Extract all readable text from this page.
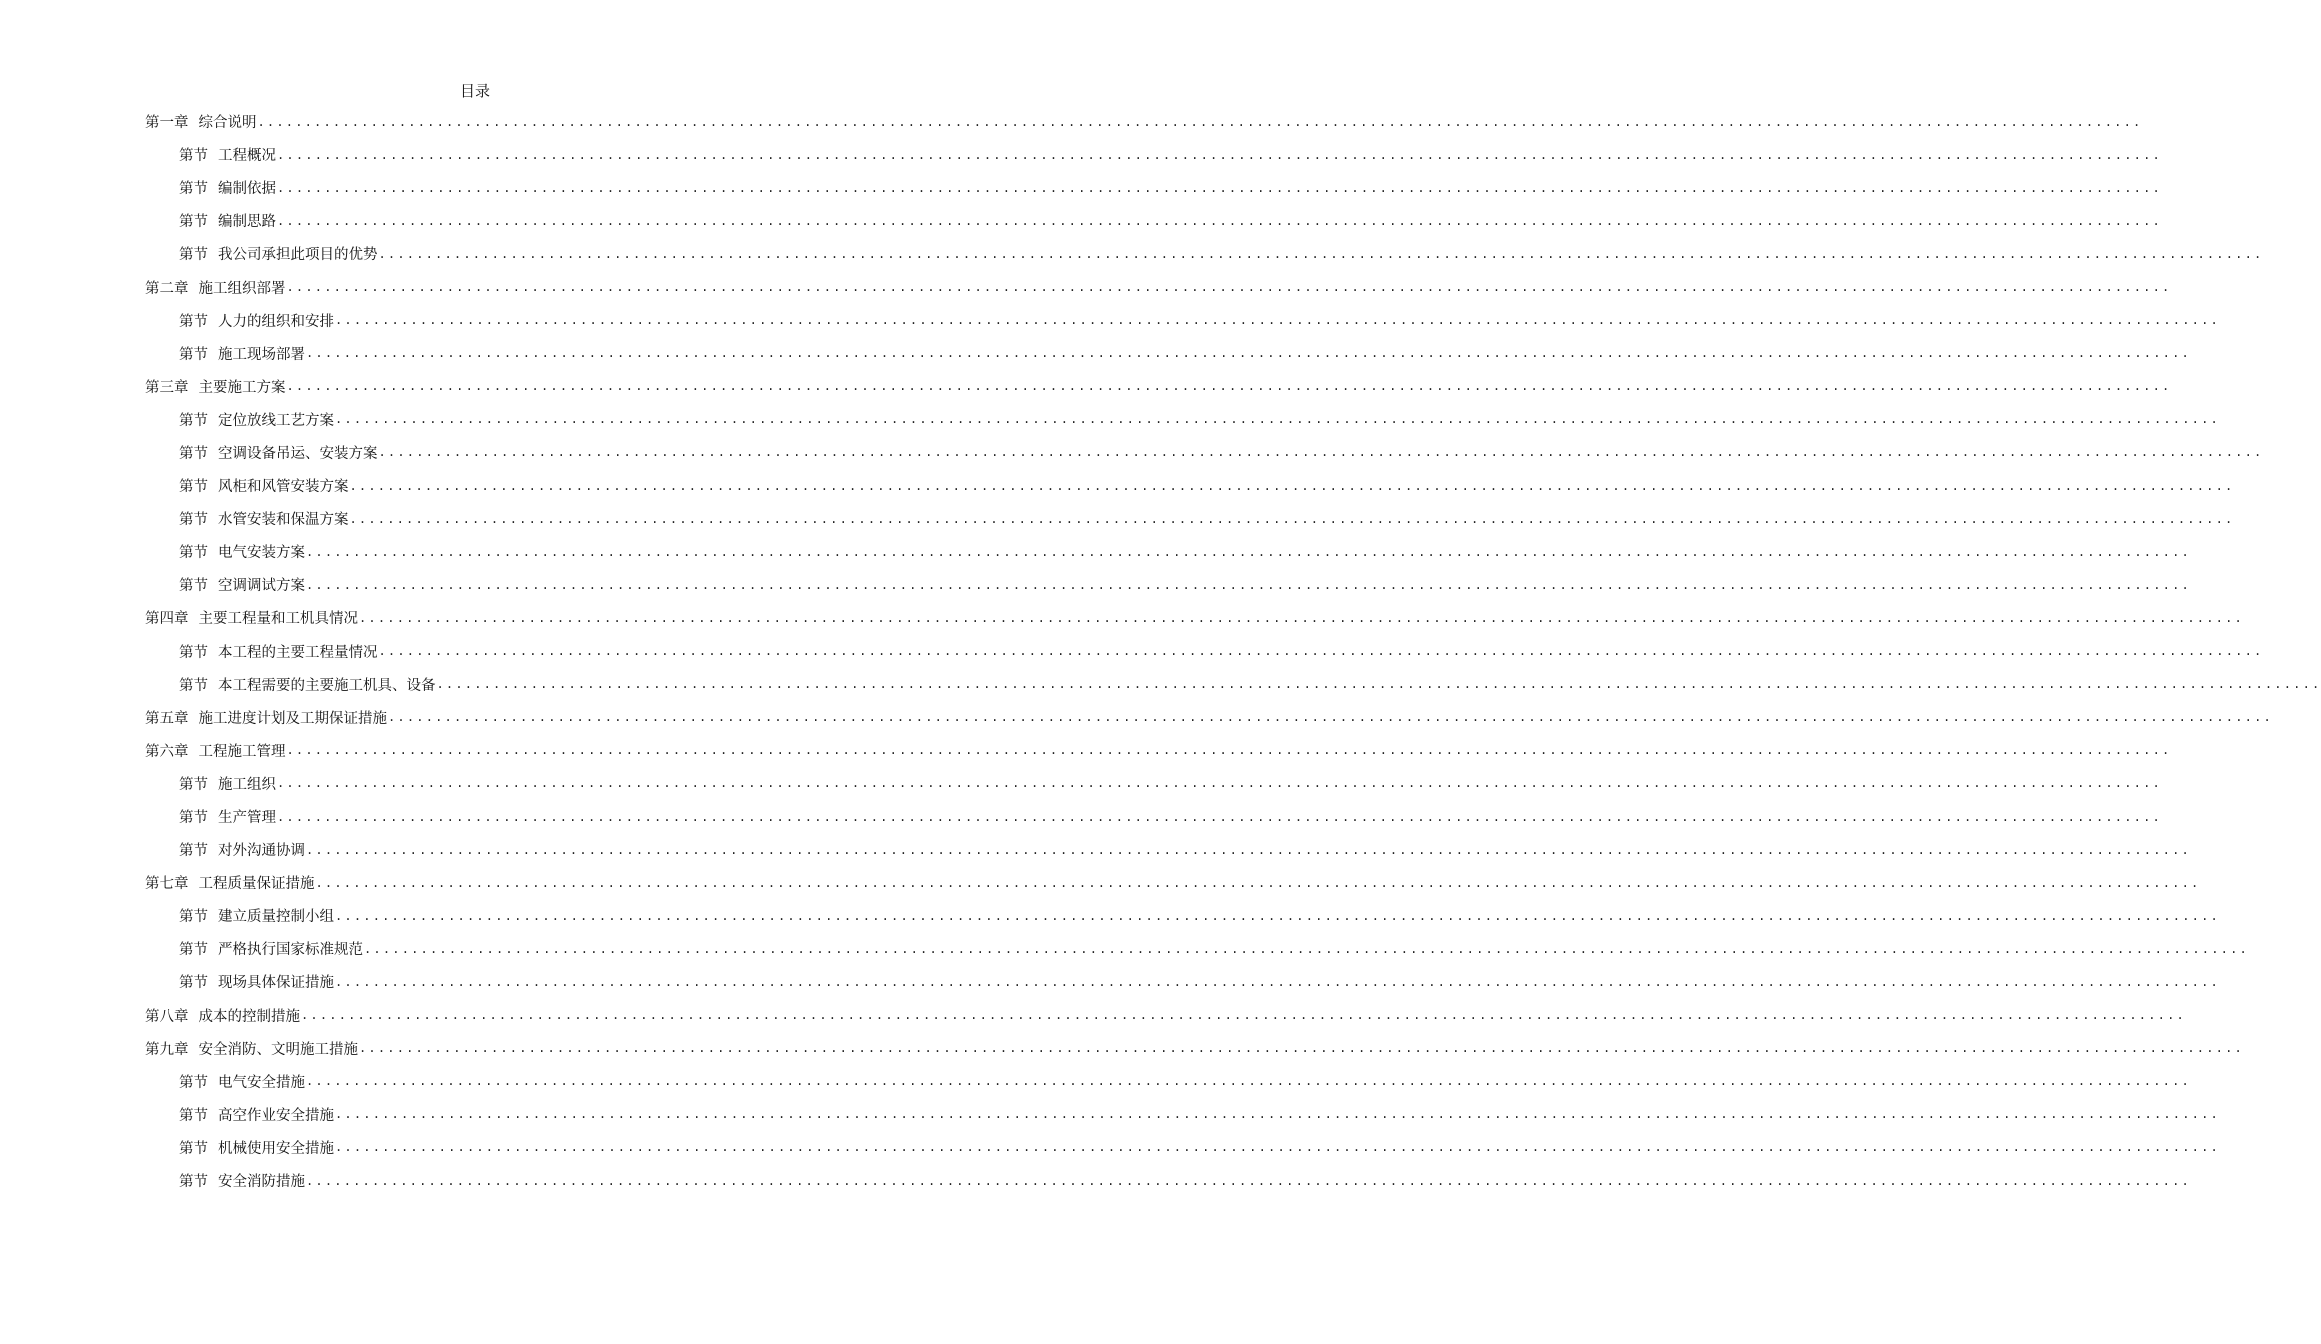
目录
第一章 综合说明 ........................................................................................................................................................................................................
第节 工程概况 ........................................................................................................................................................................................................
第节 编制依据 ........................................................................................................................................................................................................
第节 编制思路 ........................................................................................................................................................................................................
第节 我公司承担此项目的优势 ........................................................................................................................................................................................................
第二章 施工组织部署 ........................................................................................................................................................................................................
第节 人力的组织和安排 ........................................................................................................................................................................................................
第节 施工现场部署 ........................................................................................................................................................................................................
第三章 主要施工方案 ........................................................................................................................................................................................................
第节 定位放线工艺方案 ........................................................................................................................................................................................................
第节 空调设备吊运、安装方案 ........................................................................................................................................................................................................
第节 风柜和风管安装方案 ........................................................................................................................................................................................................
第节 水管安装和保温方案 ........................................................................................................................................................................................................
第节 电气安装方案 ........................................................................................................................................................................................................
第节 空调调试方案 ........................................................................................................................................................................................................
第四章 主要工程量和工机具情况 ........................................................................................................................................................................................................
第节 本工程的主要工程量情况 ........................................................................................................................................................................................................
第节 本工程需要的主要施工机具、设备 ........................................................................................................................................................................................................
第五章 施工进度计划及工期保证措施 ........................................................................................................................................................................................................
第六章 工程施工管理 ........................................................................................................................................................................................................
第节 施工组织 ........................................................................................................................................................................................................
第节 生产管理 ........................................................................................................................................................................................................
第节 对外沟通协调 ........................................................................................................................................................................................................
第七章 工程质量保证措施 ........................................................................................................................................................................................................
第节 建立质量控制小组 ........................................................................................................................................................................................................
第节 严格执行国家标准规范 ........................................................................................................................................................................................................
第节 现场具体保证措施 ........................................................................................................................................................................................................
第八章 成本的控制措施 ........................................................................................................................................................................................................
第九章 安全消防、文明施工措施 ........................................................................................................................................................................................................
第节 电气安全措施 ........................................................................................................................................................................................................
第节 高空作业安全措施 ........................................................................................................................................................................................................
第节 机械使用安全措施 ........................................................................................................................................................................................................
第节 安全消防措施 ........................................................................................................................................................................................................
